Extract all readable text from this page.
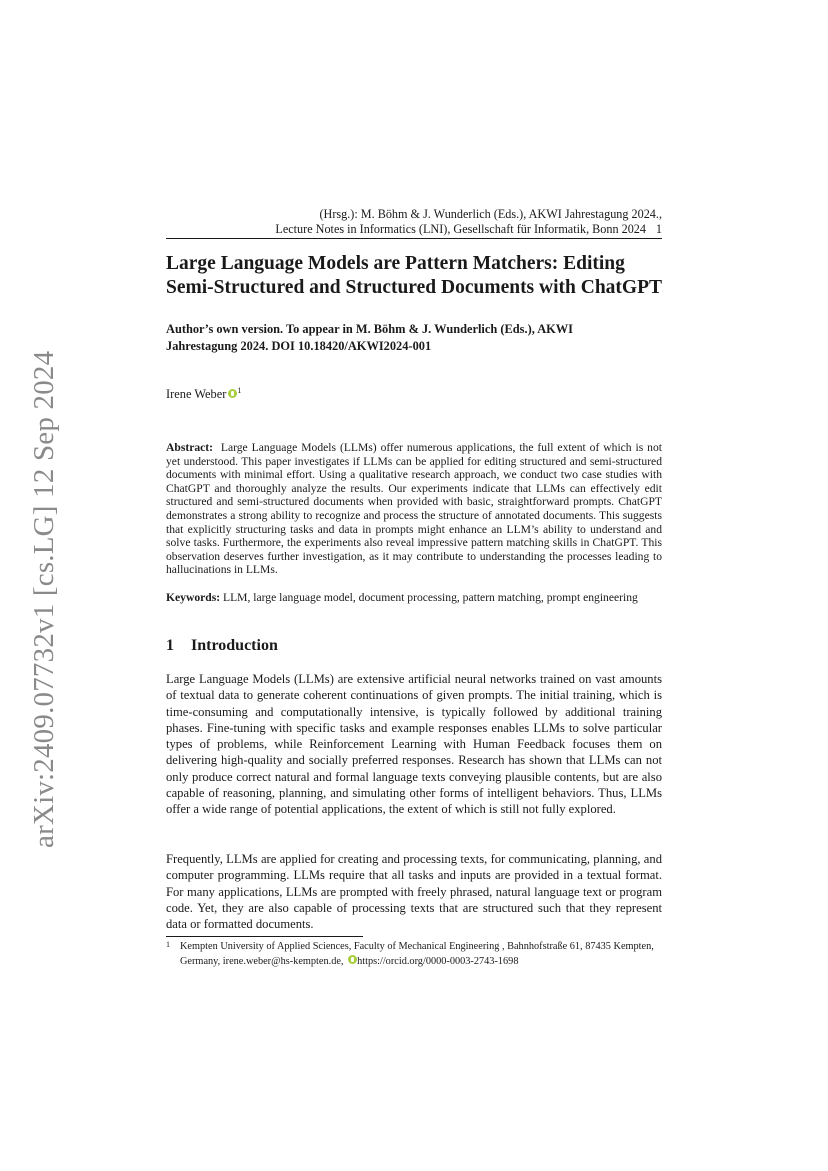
arXiv:2409.07732v1 [cs.LG] 12 Sep 2024
(Hrsg.): M. Böhm & J. Wunderlich (Eds.), AKWI Jahrestagung 2024.,
Lecture Notes in Informatics (LNI), Gesellschaft für Informatik, Bonn 2024 1
Large Language Models are Pattern Matchers: Editing
Semi-Structured and Structured Documents with ChatGPT

Author’s own version. To appear in M. Böhm & J. Wunderlich (Eds.), AKWI
Jahrestagung 2024. DOI 10.18420/AKWI2024-001

Irene Weber $^1$

Abstract: Large Language Models (LLMs) offer numerous applications, the full extent of which is not yet understood. This paper investigates if LLMs can be applied for editing structured and semi-structured documents with minimal effort. Using a qualitative research approach, we conduct two case studies with ChatGPT and thoroughly analyze the results. Our experiments indicate that LLMs can effectively edit structured and semi-structured documents when provided with basic, straightforward prompts. ChatGPT demonstrates a strong ability to recognize and process the structure of annotated documents. This suggests that explicitly structuring tasks and data in prompts might enhance an LLM’s ability to understand and solve tasks. Furthermore, the experiments also reveal impressive pattern matching skills in ChatGPT. This observation deserves further investigation, as it may contribute to understanding the processes leading to hallucinations in LLMs.

Keywords: LLM, large language model, document processing, pattern matching, prompt engineering

1 Introduction

Large Language Models (LLMs) are extensive artificial neural networks trained on vast amounts of textual data to generate coherent continuations of given prompts. The initial training, which is time-consuming and computationally intensive, is typically followed by additional training phases. Fine-tuning with specific tasks and example responses enables LLMs to solve particular types of problems, while Reinforcement Learning with Human Feedback focuses them on delivering high-quality and socially preferred responses. Research has shown that LLMs can not only produce correct natural and formal language texts conveying plausible contents, but are also capable of reasoning, planning, and simulating other forms of intelligent behaviors. Thus, LLMs offer a wide range of potential applications, the extent of which is still not fully explored.

Frequently, LLMs are applied for creating and processing texts, for communicating, planning, and computer programming. LLMs require that all tasks and inputs are provided in a textual format. For many applications, LLMs are prompted with freely phrased, natural language text or program code. Yet, they are also capable of processing texts that are structured such that they represent data or formatted documents.

1 Kempten University of Applied Sciences, Faculty of Mechanical Engineering , Bahnhofstraße 61, 87435 Kempten, Germany, irene.weber@hs-kempten.de, https://orcid.org/0000-0003-2743-1698
